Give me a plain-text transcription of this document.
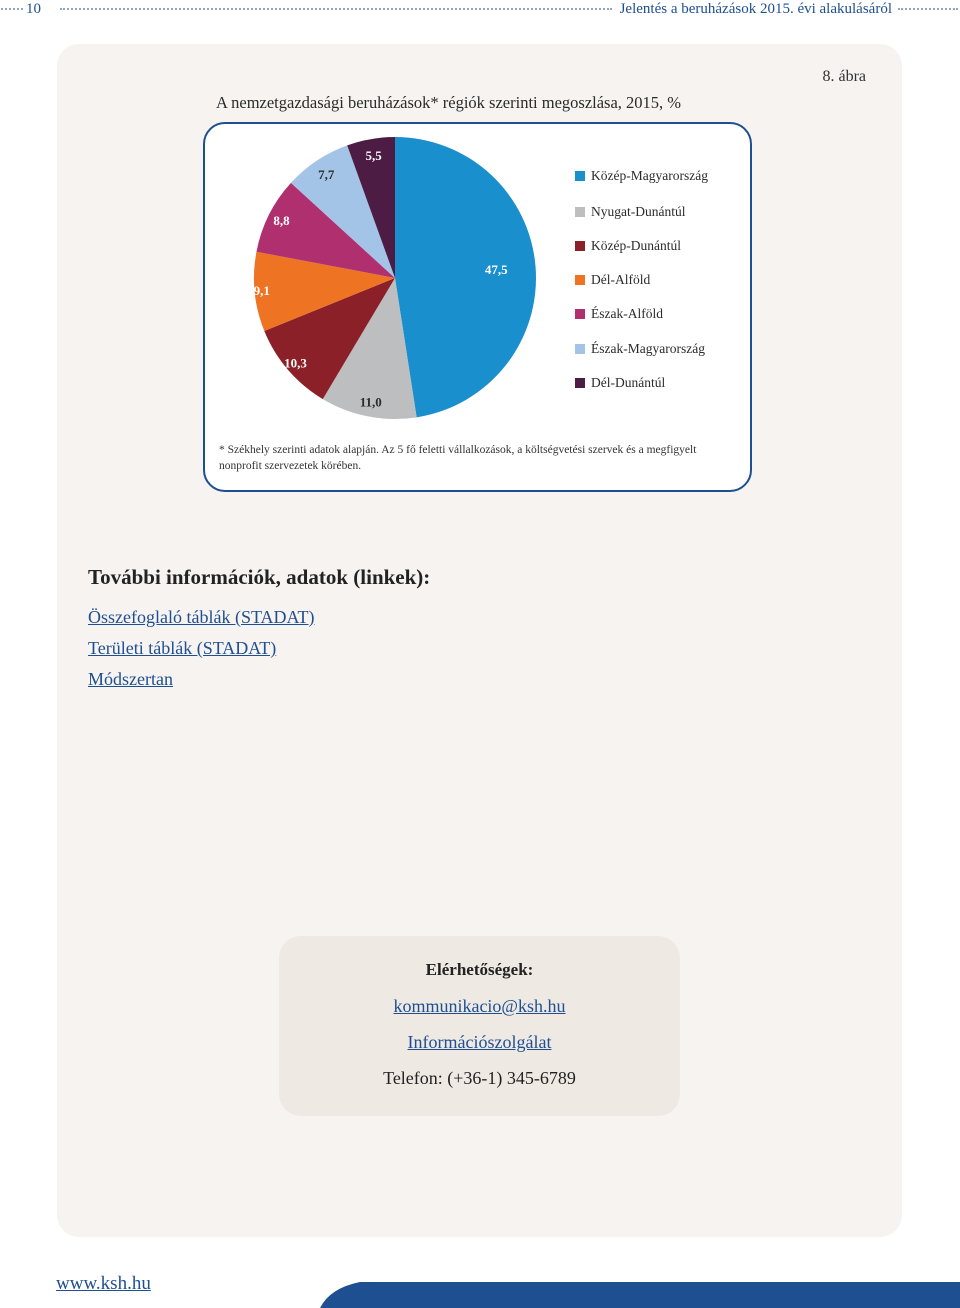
10	Jelentés a beruházások 2015. évi alakulásáról
8. ábra
A nemzetgazdasági beruházások* régiók szerinti megoszlása, 2015, %
47,5
11,0
10,3
9,1
8,8
7,7
5,5
Közép-Magyarország
Nyugat-Dunántúl
Közép-Dunántúl
Dél-Alföld
Észak-Alföld
Észak-Magyarország
Dél-Dunántúl
* Székhely szerinti adatok alapján. Az 5 fő feletti vállalkozások, a költségvetési szervek és a megfigyelt nonprofit szervezetek körében.
További információk, adatok (linkek):
Összefoglaló táblák (STADAT)
Területi táblák (STADAT)
Módszertan
Elérhetőségek:
kommunikacio@ksh.hu
Információszolgálat
Telefon: (+36-1) 345-6789
www.ksh.hu
